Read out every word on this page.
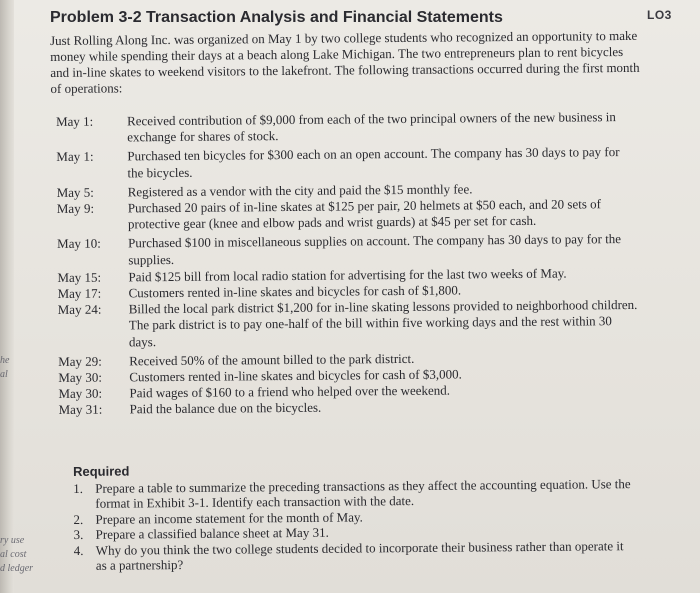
he
al
ry use
al cost
d ledger
LO3
Problem 3-2 Transaction Analysis and Financial Statements
Just Rolling Along Inc. was organized on May 1 by two college students who recognized an opportunity to make money while spending their days at a beach along Lake Michigan. The two entrepreneurs plan to rent bicycles and in-line skates to weekend visitors to the lakefront. The following transactions occurred during the first month of operations:
May 1:	Received contribution of $9,000 from each of the two principal owners of the new business in exchange for shares of stock.
May 1:	Purchased ten bicycles for $300 each on an open account. The company has 30 days to pay for the bicycles.
May 5:	Registered as a vendor with the city and paid the $15 monthly fee.
May 9:	Purchased 20 pairs of in-line skates at $125 per pair, 20 helmets at $50 each, and 20 sets of protective gear (knee and elbow pads and wrist guards) at $45 per set for cash.
May 10:	Purchased $100 in miscellaneous supplies on account. The company has 30 days to pay for the supplies.
May 15:	Paid $125 bill from local radio station for advertising for the last two weeks of May.
May 17:	Customers rented in-line skates and bicycles for cash of $1,800.
May 24:	Billed the local park district $1,200 for in-line skating lessons provided to neighborhood children. The park district is to pay one-half of the bill within five working days and the rest within 30 days.
May 29:	Received 50% of the amount billed to the park district.
May 30:	Customers rented in-line skates and bicycles for cash of $3,000.
May 30:	Paid wages of $160 to a friend who helped over the weekend.
May 31:	Paid the balance due on the bicycles.
Required
1. Prepare a table to summarize the preceding transactions as they affect the accounting equation. Use the format in Exhibit 3-1. Identify each transaction with the date.
2. Prepare an income statement for the month of May.
3. Prepare a classified balance sheet at May 31.
4. Why do you think the two college students decided to incorporate their business rather than operate it as a partnership?
